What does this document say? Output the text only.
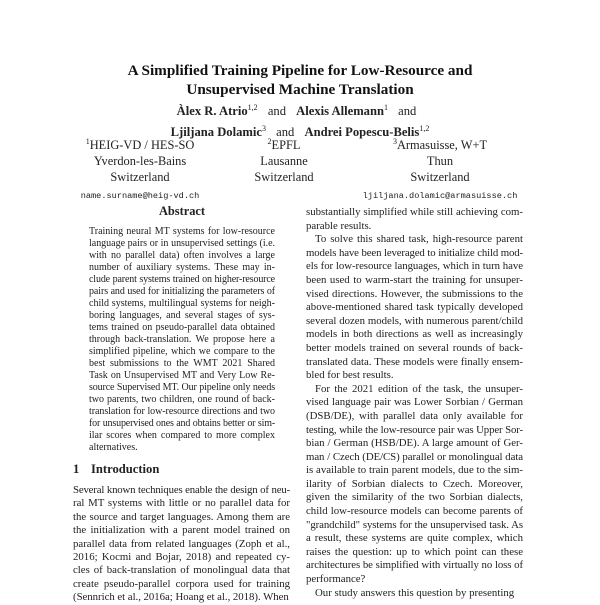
A Simplified Training Pipeline for Low-Resource and
Unsupervised Machine Translation
Àlex R. Atrio$^{1,2}$ and Alexis Allemann$^1$ and
Ljiljana Dolamic$^3$ and Andrei Popescu-Belis$^{1,2}$
$^1$HEIG-VD / HES-SO
Yverdon-les-Bains
Switzerland
name.surname@heig-vd.ch
$^2$EPFL
Lausanne
Switzerland
$^3$Armasuisse, W+T
Thun
Switzerland
ljiljana.dolamic@armasuisse.ch
Abstract
Training neural MT systems for low-resource
language pairs or in unsupervised settings (i.e.
with no parallel data) often involves a large
number of auxiliary systems. These may in-
clude parent systems trained on higher-resource
pairs and used for initializing the parameters of
child systems, multilingual systems for neigh-
boring languages, and several stages of sys-
tems trained on pseudo-parallel data obtained
through back-translation. We propose here a
simplified pipeline, which we compare to the
best submissions to the WMT 2021 Shared
Task on Unsupervised MT and Very Low Re-
source Supervised MT. Our pipeline only needs
two parents, two children, one round of back-
translation for low-resource directions and two
for unsupervised ones and obtains better or sim-
ilar scores when compared to more complex
alternatives.
1 Introduction
Several known techniques enable the design of neu-
ral MT systems with little or no parallel data for
the source and target languages. Among them are
the initialization with a parent model trained on
parallel data from related languages (Zoph et al.,
2016; Kocmi and Bojar, 2018) and repeated cy-
cles of back-translation of monolingual data that
create pseudo-parallel corpora used for training
(Sennrich et al., 2016a; Hoang et al., 2018). When
substantially simplified while still achieving com-
parable results.
To solve this shared task, high-resource parent
models have been leveraged to initialize child mod-
els for low-resource languages, which in turn have
been used to warm-start the training for unsuper-
vised directions. However, the submissions to the
above-mentioned shared task typically developed
several dozen models, with numerous parent/child
models in both directions as well as increasingly
better models trained on several rounds of back-
translated data. These models were finally ensem-
bled for best results.
For the 2021 edition of the task, the unsuper-
vised language pair was Lower Sorbian / German
(DSB/DE), with parallel data only available for
testing, while the low-resource pair was Upper Sor-
bian / German (HSB/DE). A large amount of Ger-
man / Czech (DE/CS) parallel or monolingual data
is available to train parent models, due to the sim-
ilarity of Sorbian dialects to Czech. Moreover,
given the similarity of the two Sorbian dialects,
child low-resource models can become parents of
"grandchild" systems for the unsupervised task. As
a result, these systems are quite complex, which
raises the question: up to which point can these
architectures be simplified with virtually no loss of
performance?
Our study answers this question by presenting
